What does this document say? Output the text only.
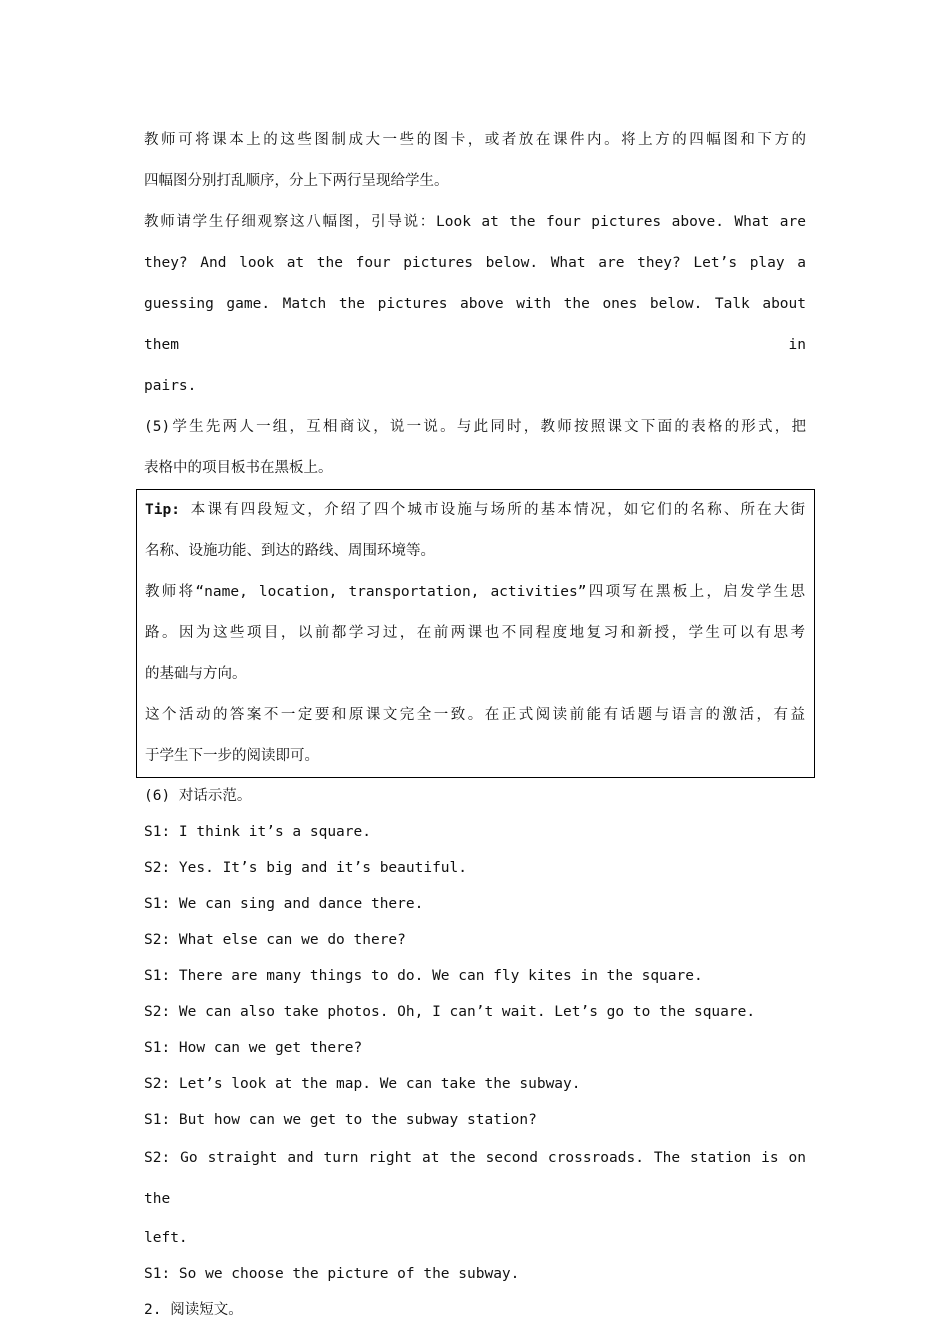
教师可将课本上的这些图制成大一些的图卡，或者放在课件内。将上方的四幅图和下方的

四幅图分别打乱顺序，分上下两行呈现给学生。

教师请学生仔细观察这八幅图，引导说：Look at the four pictures above. What are

they? And look at the four pictures below. What are they? Let’s play a

guessing game. Match the pictures above with the ones below. Talk about them in

pairs.

(5)学生先两人一组，互相商议，说一说。与此同时，教师按照课文下面的表格的形式，把

表格中的项目板书在黑板上。

Tip: 本课有四段短文，介绍了四个城市设施与场所的基本情况，如它们的名称、所在大街

名称、设施功能、到达的路线、周围环境等。

教师将“name, location, transportation, activities”四项写在黑板上，启发学生思

路。因为这些项目，以前都学习过，在前两课也不同程度地复习和新授，学生可以有思考

的基础与方向。

这个活动的答案不一定要和原课文完全一致。在正式阅读前能有话题与语言的激活，有益

于学生下一步的阅读即可。

(6) 对话示范。

S1: I think it’s a square.

S2: Yes. It’s big and it’s beautiful.

S1: We can sing and dance there.

S2: What else can we do there?

S1: There are many things to do. We can fly kites in the square.

S2: We can also take photos. Oh, I can’t wait. Let’s go to the square.

S1: How can we get there?

S2: Let’s look at the map. We can take the subway.

S1: But how can we get to the subway station?

S2: Go straight and turn right at the second crossroads. The station is on the

left.

S1: So we choose the picture of the subway.

2. 阅读短文。
